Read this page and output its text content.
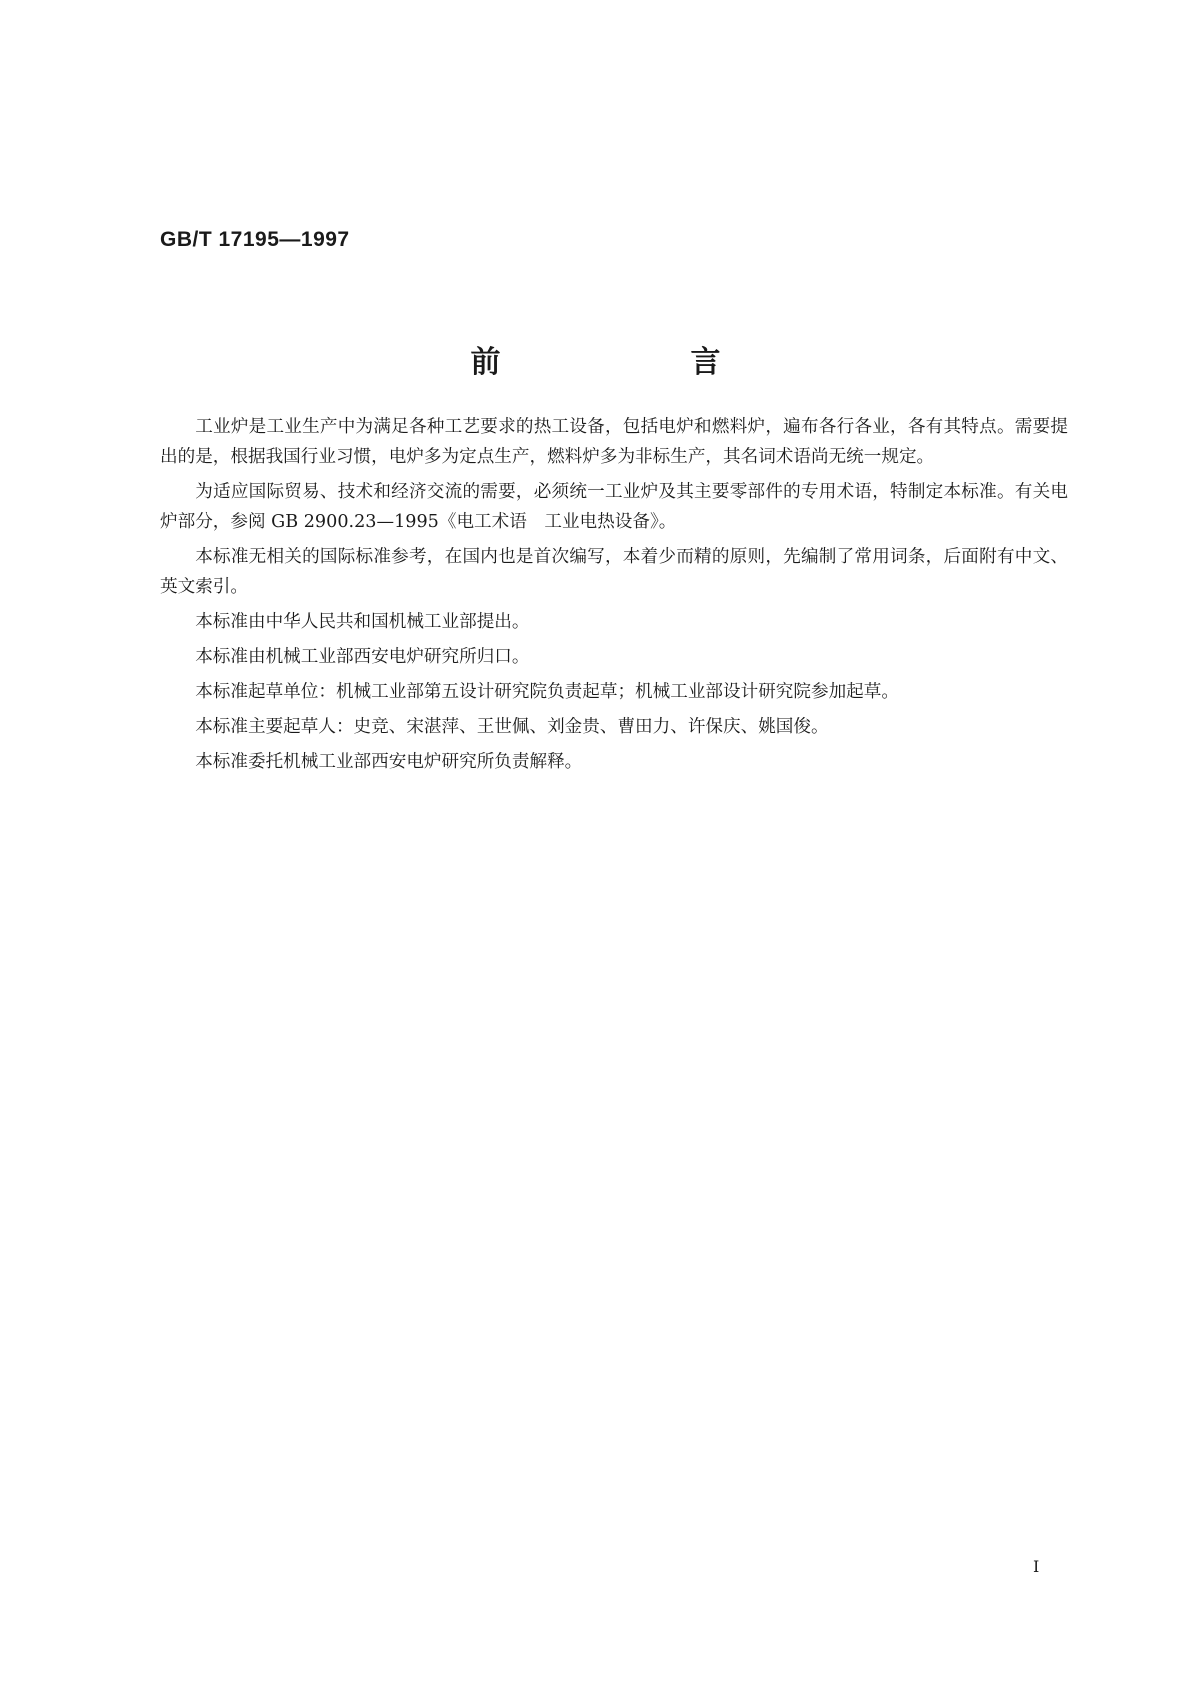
GB/T 17195—1997
前　言

工业炉是工业生产中为满足各种工艺要求的热工设备，包括电炉和燃料炉，遍布各行各业，各有其特点。需要提出的是，根据我国行业习惯，电炉多为定点生产，燃料炉多为非标生产，其名词术语尚无统一规定。

为适应国际贸易、技术和经济交流的需要，必须统一工业炉及其主要零部件的专用术语，特制定本标准。有关电炉部分，参阅 GB 2900.23—1995《电工术语　工业电热设备》。

本标准无相关的国际标准参考，在国内也是首次编写，本着少而精的原则，先编制了常用词条，后面附有中文、英文索引。

本标准由中华人民共和国机械工业部提出。

本标准由机械工业部西安电炉研究所归口。

本标准起草单位：机械工业部第五设计研究院负责起草；机械工业部设计研究院参加起草。

本标准主要起草人：史竞、宋湛萍、王世佩、刘金贵、曹田力、许保庆、姚国俊。

本标准委托机械工业部西安电炉研究所负责解释。

I
